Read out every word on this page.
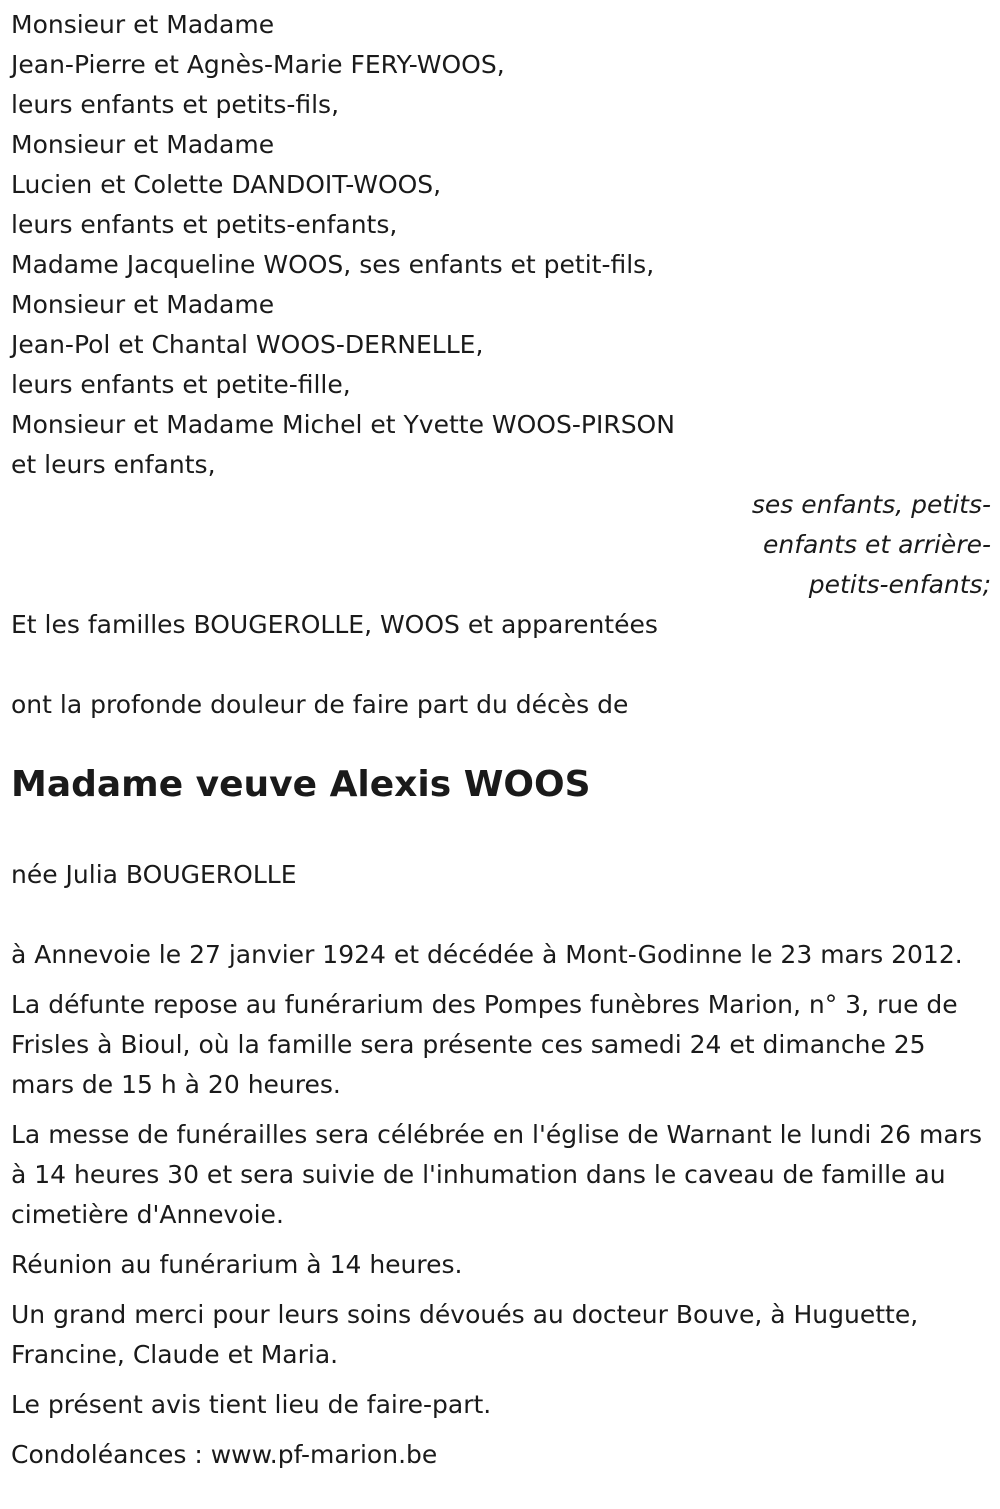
Monsieur et Madame
Jean-Pierre et Agnès-Marie FERY-WOOS,
leurs enfants et petits-fils,
Monsieur et Madame
Lucien et Colette DANDOIT-WOOS,
leurs enfants et petits-enfants,
Madame Jacqueline WOOS, ses enfants et petit-fils,
Monsieur et Madame
Jean-Pol et Chantal WOOS-DERNELLE,
leurs enfants et petite-fille,
Monsieur et Madame Michel et Yvette WOOS-PIRSON
et leurs enfants,
ses enfants, petits-
enfants et arrière-
petits-enfants;

Et les familles BOUGEROLLE, WOOS et apparentées

ont la profonde douleur de faire part du décès de

Madame veuve Alexis WOOS

née Julia BOUGEROLLE

à Annevoie le 27 janvier 1924 et décédée à Mont-Godinne le 23 mars 2012.

La défunte repose au funérarium des Pompes funèbres Marion, n° 3, rue de Frisles à Bioul, où la famille sera présente ces samedi 24 et dimanche 25 mars de 15 h à 20 heures.

La messe de funérailles sera célébrée en l'église de Warnant le lundi 26 mars à 14 heures 30 et sera suivie de l'inhumation dans le caveau de famille au cimetière d'Annevoie.

Réunion au funérarium à 14 heures.

Un grand merci pour leurs soins dévoués au docteur Bouve, à Huguette, Francine, Claude et Maria.

Le présent avis tient lieu de faire-part.

Condoléances : www.pf-marion.be
